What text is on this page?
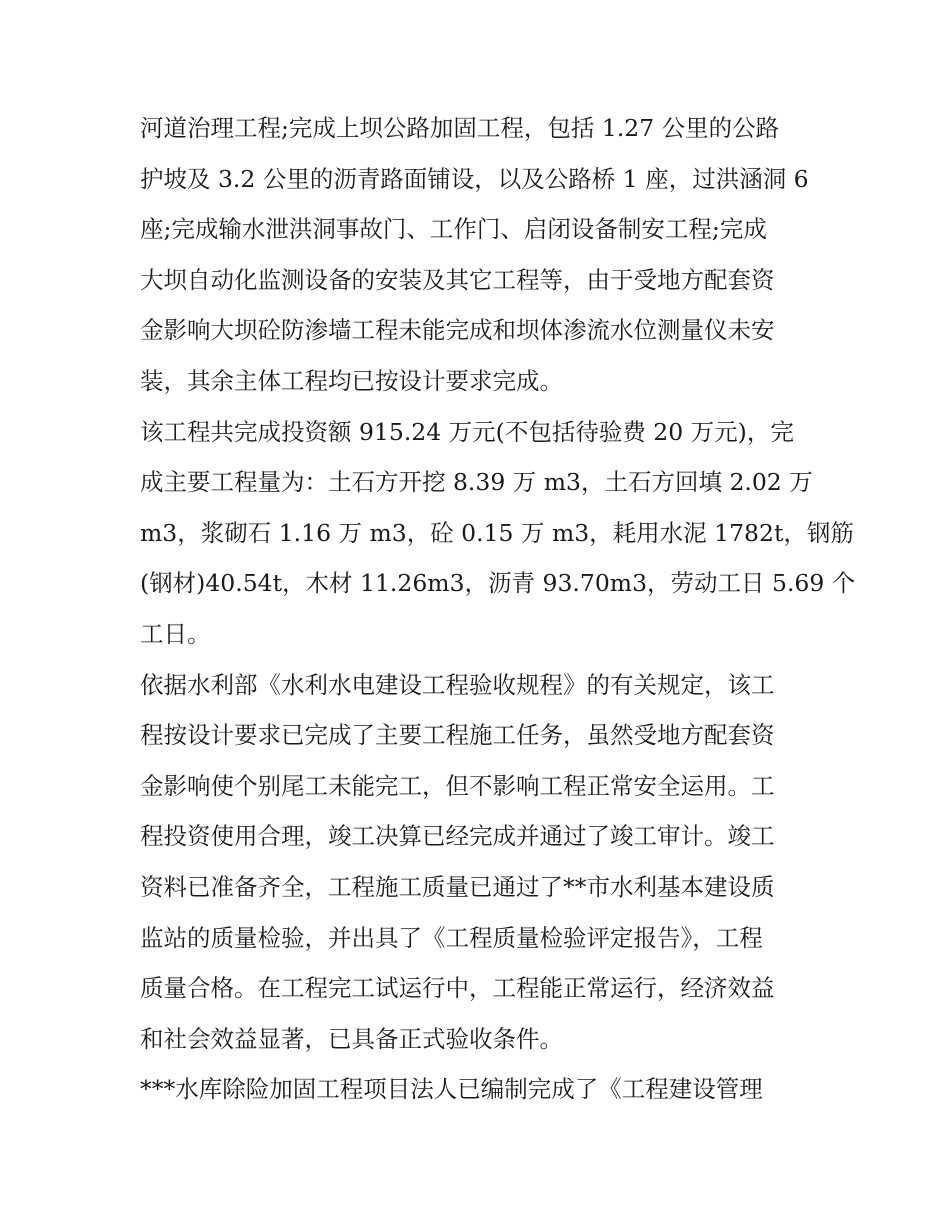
河道治理工程;完成上坝公路加固工程，包括 1.27 公里的公路
护坡及 3.2 公里的沥青路面铺设，以及公路桥 1 座，过洪涵洞 6
座;完成输水泄洪洞事故门、工作门、启闭设备制安工程;完成
大坝自动化监测设备的安装及其它工程等，由于受地方配套资
金影响大坝砼防渗墙工程未能完成和坝体渗流水位测量仪未安
装，其余主体工程均已按设计要求完成。
该工程共完成投资额 915.24 万元(不包括待验费 20 万元)，完
成主要工程量为：土石方开挖 8.39 万 m3，土石方回填 2.02 万
m3，浆砌石 1.16 万 m3，砼 0.15 万 m3，耗用水泥 1782t，钢筋
(钢材)40.54t，木材 11.26m3，沥青 93.70m3，劳动工日 5.69 个
工日。
依据水利部《水利水电建设工程验收规程》的有关规定，该工
程按设计要求已完成了主要工程施工任务，虽然受地方配套资
金影响使个别尾工未能完工，但不影响工程正常安全运用。工
程投资使用合理，竣工决算已经完成并通过了竣工审计。竣工
资料已准备齐全，工程施工质量已通过了**市水利基本建设质
监站的质量检验，并出具了《工程质量检验评定报告》，工程
质量合格。在工程完工试运行中，工程能正常运行，经济效益
和社会效益显著，已具备正式验收条件。
***水库除险加固工程项目法人已编制完成了《工程建设管理
